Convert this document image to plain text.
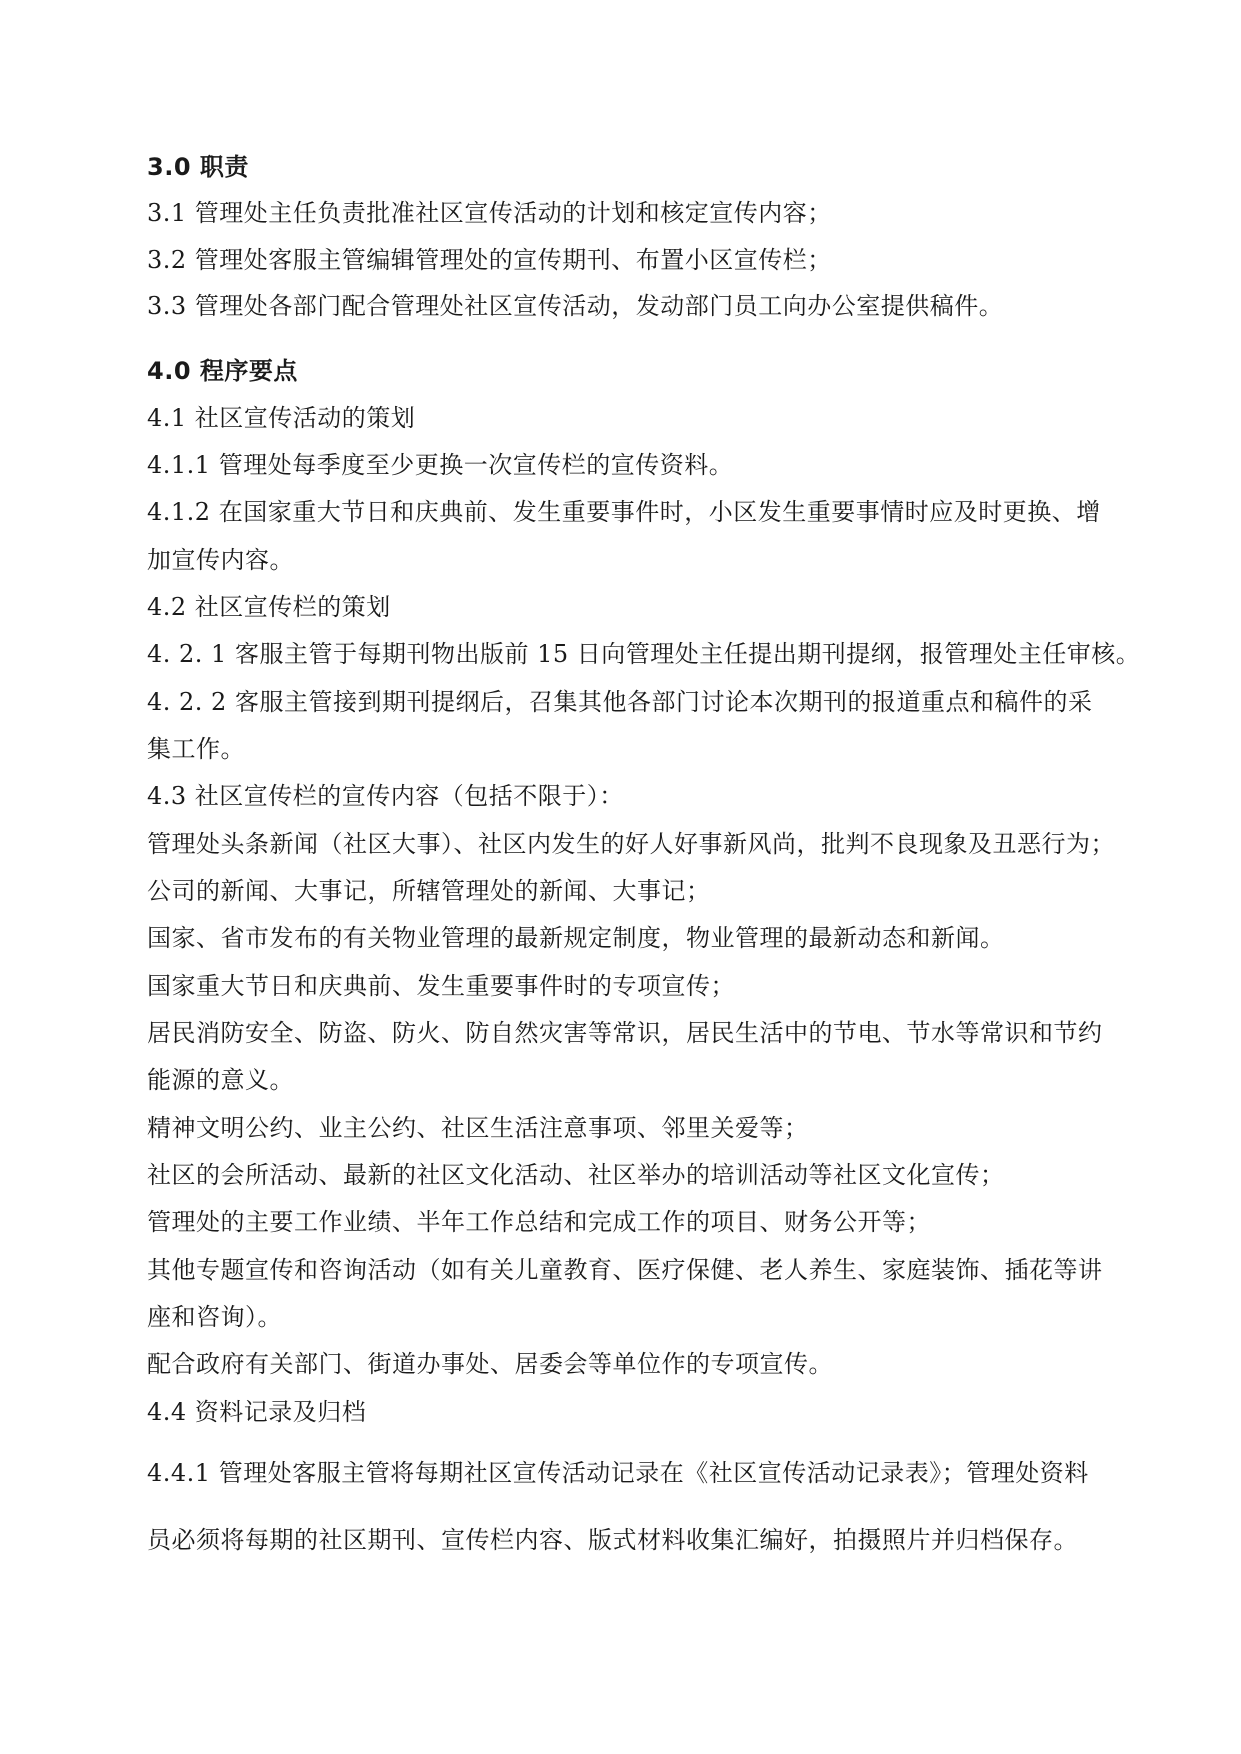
3.0 职责

3.1 管理处主任负责批准社区宣传活动的计划和核定宣传内容；

3.2 管理处客服主管编辑管理处的宣传期刊、布置小区宣传栏；

3.3 管理处各部门配合管理处社区宣传活动，发动部门员工向办公室提供稿件。

4.0 程序要点

4.1 社区宣传活动的策划

4.1.1 管理处每季度至少更换一次宣传栏的宣传资料。

4.1.2 在国家重大节日和庆典前、发生重要事件时，小区发生重要事情时应及时更换、增

加宣传内容。

4.2 社区宣传栏的策划

4. 2. 1 客服主管于每期刊物出版前 15 日向管理处主任提出期刊提纲，报管理处主任审核。

4. 2. 2 客服主管接到期刊提纲后，召集其他各部门讨论本次期刊的报道重点和稿件的采

集工作。

4.3 社区宣传栏的宣传内容（包括不限于）：

管理处头条新闻（社区大事）、社区内发生的好人好事新风尚，批判不良现象及丑恶行为；

公司的新闻、大事记，所辖管理处的新闻、大事记；

国家、省市发布的有关物业管理的最新规定制度，物业管理的最新动态和新闻。

国家重大节日和庆典前、发生重要事件时的专项宣传；

居民消防安全、防盗、防火、防自然灾害等常识，居民生活中的节电、节水等常识和节约

能源的意义。

精神文明公约、业主公约、社区生活注意事项、邻里关爱等；

社区的会所活动、最新的社区文化活动、社区举办的培训活动等社区文化宣传；

管理处的主要工作业绩、半年工作总结和完成工作的项目、财务公开等；

其他专题宣传和咨询活动（如有关儿童教育、医疗保健、老人养生、家庭装饰、插花等讲

座和咨询）。

配合政府有关部门、街道办事处、居委会等单位作的专项宣传。

4.4 资料记录及归档

4.4.1 管理处客服主管将每期社区宣传活动记录在《社区宣传活动记录表》；管理处资料

员必须将每期的社区期刊、宣传栏内容、版式材料收集汇编好，拍摄照片并归档保存。
